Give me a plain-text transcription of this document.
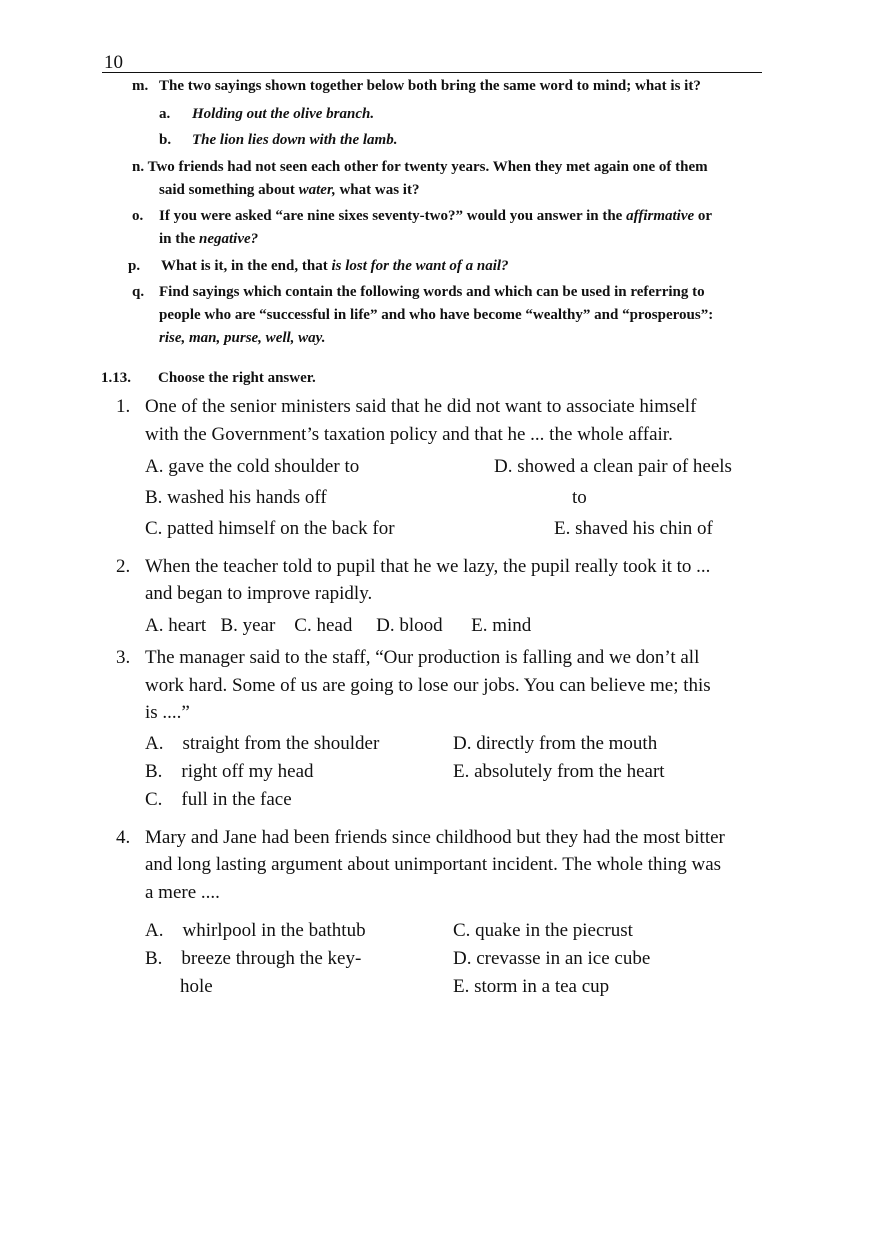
10
m. The two sayings shown together below both bring the same word to mind; what is it?
a. Holding out the olive branch.
b. The lion lies down with the lamb.
n. Two friends had not seen each other for twenty years. When they met again one of them
said something about water, what was it?
o. If you were asked “are nine sixes seventy-two?” would you answer in the affirmative or
in the negative?
p. What is it, in the end, that is lost for the want of a nail?
q. Find sayings which contain the following words and which can be used in referring to
people who are “successful in life” and who have become “wealthy” and “prosperous”:
rise, man, purse, well, way.
1.13. Choose the right answer.
1. One of the senior ministers said that he did not want to associate himself
with the Government’s taxation policy and that he ... the whole affair.
A. gave the cold shoulder to
B. washed his hands off
C. patted himself on the back for
D. showed a clean pair of heels
to
E. shaved his chin of
2. When the teacher told to pupil that he we lazy, the pupil really took it to ...
and began to improve rapidly.
A. heart   B. year    C. head     D. blood      E. mind
3. The manager said to the staff, “Our production is falling and we don’t all
work hard. Some of us are going to lose our jobs. You can believe me; this
is ....”
A.    straight from the shoulder
B.    right off my head
C.    full in the face
D. directly from the mouth
E. absolutely from the heart
4. Mary and Jane had been friends since childhood but they had the most bitter
and long lasting argument about unimportant incident. The whole thing was
a mere ....
A.    whirlpool in the bathtub
B.    breeze through the key-
hole
C. quake in the piecrust
D. crevasse in an ice cube
E. storm in a tea cup
